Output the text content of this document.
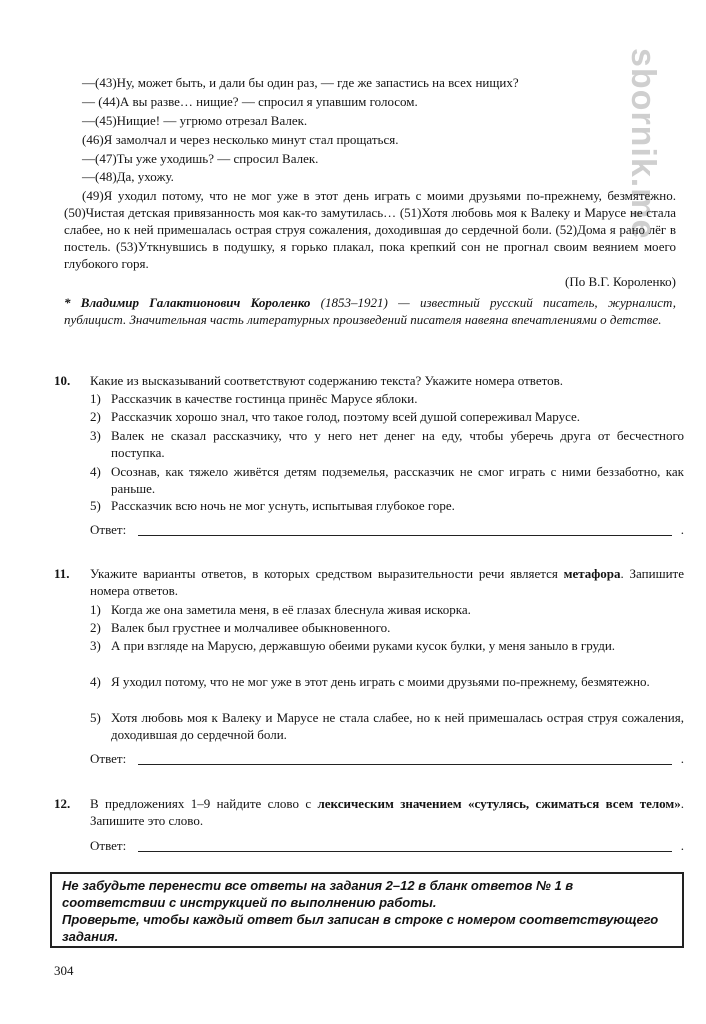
sbornik.me
—(43)Ну, может быть, и дали бы один раз, — где же запастись на всех нищих?
— (44)А вы разве… нищие? — спросил я упавшим голосом.
—(45)Нищие! — угрюмо отрезал Валек.
(46)Я замолчал и через несколько минут стал прощаться.
—(47)Ты уже уходишь? — спросил Валек.
—(48)Да, ухожу.
(49)Я уходил потому, что не мог уже в этот день играть с моими друзьями по-прежнему, безмятежно. (50)Чистая детская привязанность моя как-то замутилась… (51)Хотя любовь моя к Валеку и Марусе не стала слабее, но к ней примешалась острая струя сожаления, доходившая до сердечной боли. (52)Дома я рано лёг в постель. (53)Уткнувшись в подушку, я горько плакал, пока крепкий сон не прогнал своим веянием моего глубокого горя.
(По В.Г. Короленко)
* Владимир Галактионович Короленко (1853–1921) — известный русский писатель, журналист, публицист. Значительная часть литературных произведений писателя навеяна впечатлениями о детстве.
10. Какие из высказываний соответствуют содержанию текста? Укажите номера ответов.
1) Рассказчик в качестве гостинца принёс Марусе яблоки.
2) Рассказчик хорошо знал, что такое голод, поэтому всей душой сопереживал Марусе.
3) Валек не сказал рассказчику, что у него нет денег на еду, чтобы уберечь друга от бесчестного поступка.
4) Осознав, как тяжело живётся детям подземелья, рассказчик не смог играть с ними беззаботно, как раньше.
5) Рассказчик всю ночь не мог уснуть, испытывая глубокое горе.
Ответ:	.
11. Укажите варианты ответов, в которых средством выразительности речи является метафора. Запишите номера ответов.
1) Когда же она заметила меня, в её глазах блеснула живая искорка.
2) Валек был грустнее и молчаливее обыкновенного.
3) А при взгляде на Марусю, державшую обеими руками кусок булки, у меня заныло в груди.
4) Я уходил потому, что не мог уже в этот день играть с моими друзьями по-прежнему, безмятежно.
5) Хотя любовь моя к Валеку и Марусе не стала слабее, но к ней примешалась острая струя сожаления, доходившая до сердечной боли.
Ответ:	.
12. В предложениях 1–9 найдите слово с лексическим значением «сутулясь, сжиматься всем телом». Запишите это слово.
Ответ:	.
Не забудьте перенести все ответы на задания 2–12 в бланк ответов № 1 в соответствии с инструкцией по выполнению работы.
Проверьте, чтобы каждый ответ был записан в строке с номером соответствующего задания.
304
